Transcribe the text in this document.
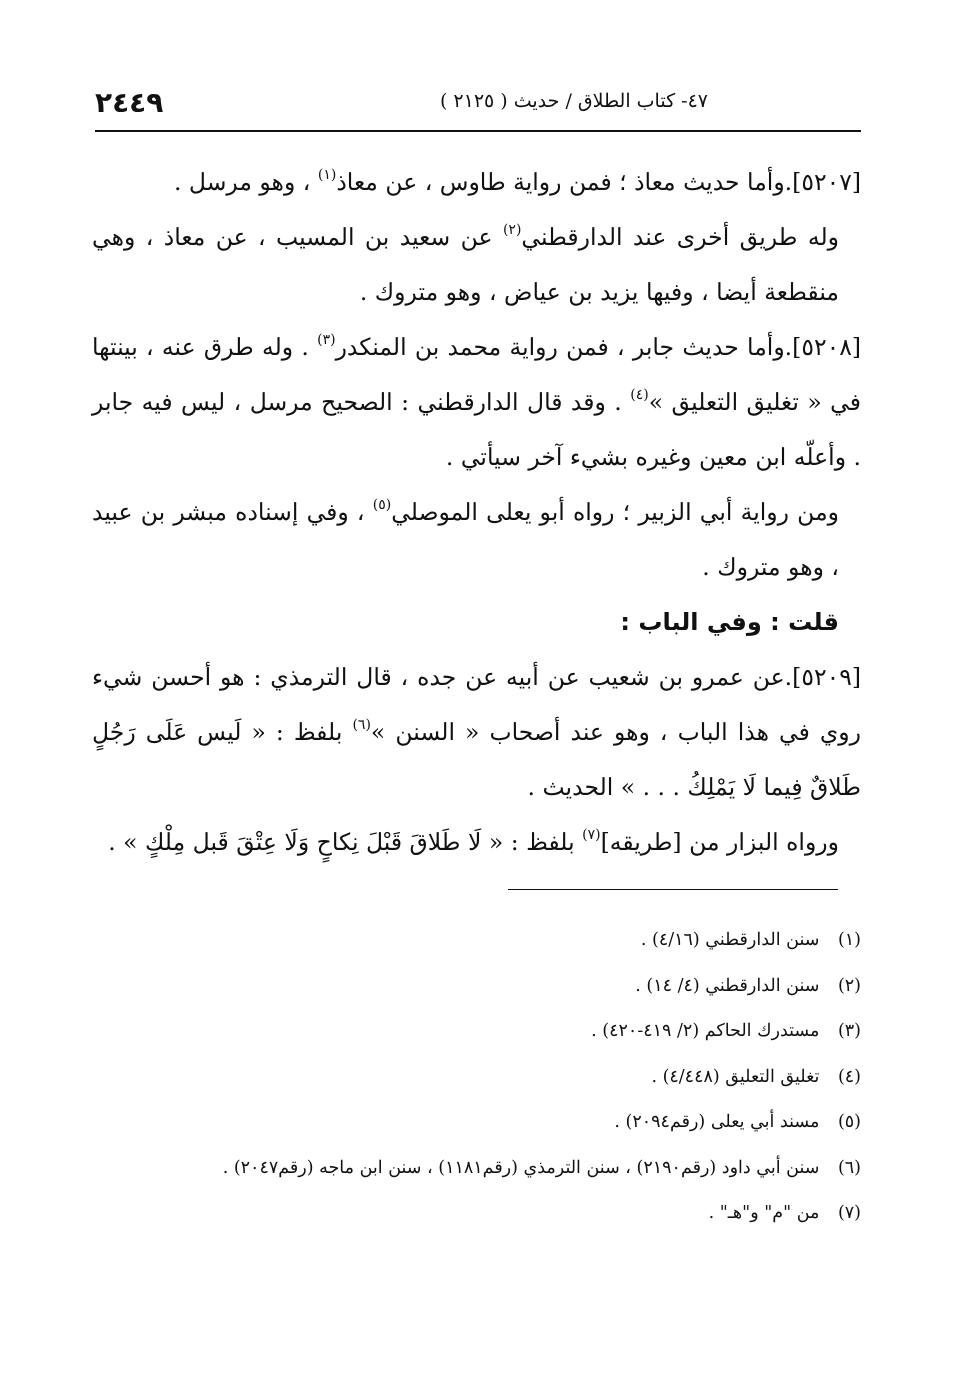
٢٤٤٩	٤٧- كتاب الطلاق / حديث ( ٢١٢٥ )

[٥٢٠٧].وأما حديث معاذ ؛ فمن رواية طاوس ، عن معاذ$^{(١)}$ ، وهو مرسل .

وله طريق أخرى عند الدارقطني$^{(٢)}$ عن سعيد بن المسيب ، عن معاذ ، وهي منقطعة أيضا ، وفيها يزيد بن عياض ، وهو متروك .

[٥٢٠٨].وأما حديث جابر ، فمن رواية محمد بن المنكدر$^{(٣)}$ . وله طرق عنه ، بينتها في « تغليق التعليق »$^{(٤)}$ . وقد قال الدارقطني : الصحيح مرسل ، ليس فيه جابر . وأعلّه ابن معين وغيره بشيء آخر سيأتي .

ومن رواية أبي الزبير ؛ رواه أبو يعلى الموصلي$^{(٥)}$ ، وفي إسناده مبشر بن عبيد ، وهو متروك .

قلت : وفي الباب :

[٥٢٠٩].عن عمرو بن شعيب عن أبيه عن جده ، قال الترمذي : هو أحسن شيء روي في هذا الباب ، وهو عند أصحاب « السنن »$^{(٦)}$ بلفظ : « لَيس عَلَى رَجُلٍ طَلاقٌ فِيما لَا يَمْلِكُ . . . » الحديث .

ورواه البزار من [طريقه]$^{(٧)}$ بلفظ : « لَا طَلاقَ قَبْلَ نِكاحٍ وَلَا عِتْقَ قَبل مِلْكٍ » .

(١) سنن الدارقطني (٤/١٦) .
(٢) سنن الدارقطني (٤/ ١٤) .
(٣) مستدرك الحاكم (٢/ ٤١٩-٤٢٠) .
(٤) تغليق التعليق (٤/٤٤٨) .
(٥) مسند أبي يعلى (رقم٢٠٩٤) .
(٦) سنن أبي داود (رقم٢١٩٠) ، سنن الترمذي (رقم١١٨١) ، سنن ابن ماجه (رقم٢٠٤٧) .
(٧) من "م" و"هـ" .
